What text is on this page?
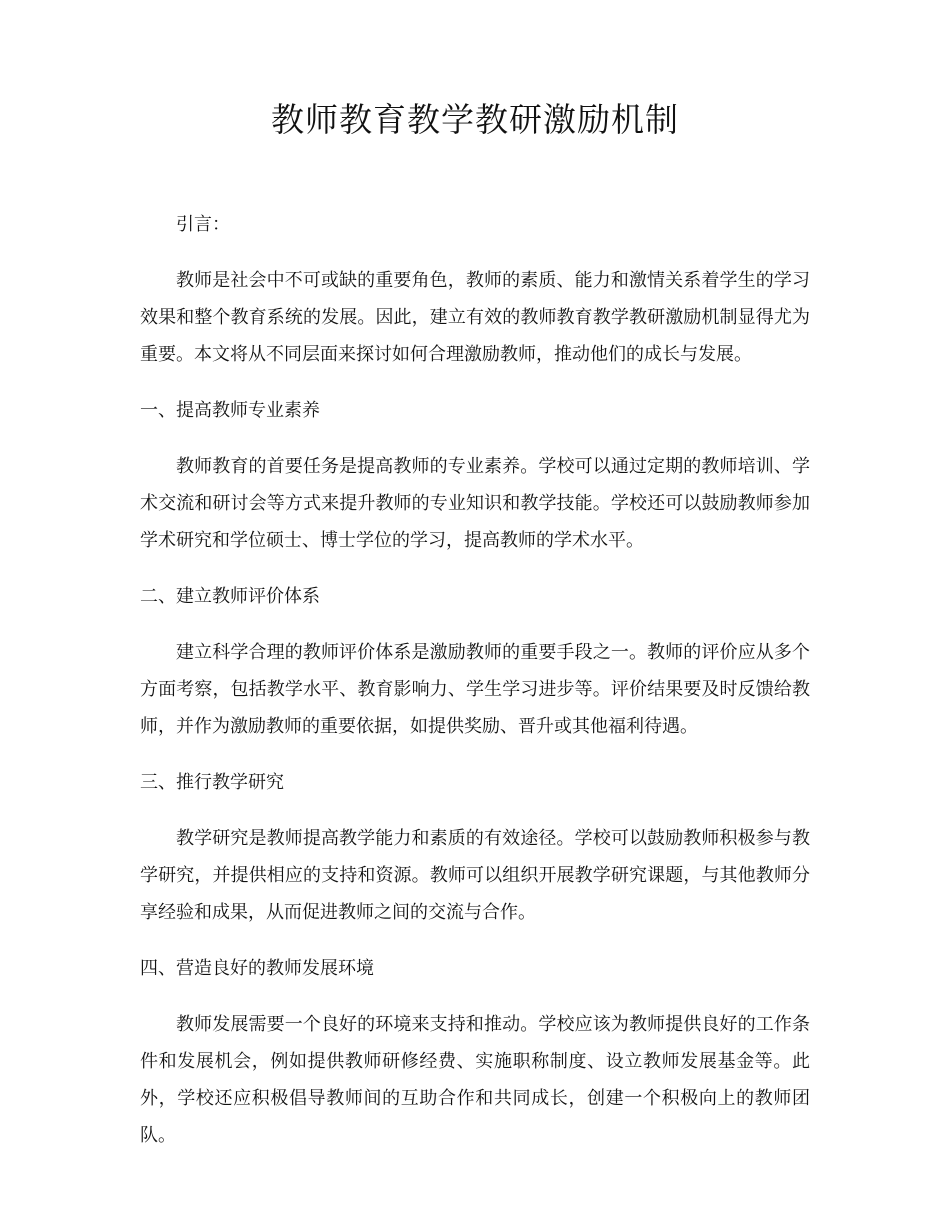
教师教育教学教研激励机制

引言：

教师是社会中不可或缺的重要角色，教师的素质、能力和激情关系着学生的学习效果和整个教育系统的发展。因此，建立有效的教师教育教学教研激励机制显得尤为重要。本文将从不同层面来探讨如何合理激励教师，推动他们的成长与发展。

一、提高教师专业素养

教师教育的首要任务是提高教师的专业素养。学校可以通过定期的教师培训、学术交流和研讨会等方式来提升教师的专业知识和教学技能。学校还可以鼓励教师参加学术研究和学位硕士、博士学位的学习，提高教师的学术水平。

二、建立教师评价体系

建立科学合理的教师评价体系是激励教师的重要手段之一。教师的评价应从多个方面考察，包括教学水平、教育影响力、学生学习进步等。评价结果要及时反馈给教师，并作为激励教师的重要依据，如提供奖励、晋升或其他福利待遇。

三、推行教学研究

教学研究是教师提高教学能力和素质的有效途径。学校可以鼓励教师积极参与教学研究，并提供相应的支持和资源。教师可以组织开展教学研究课题，与其他教师分享经验和成果，从而促进教师之间的交流与合作。

四、营造良好的教师发展环境

教师发展需要一个良好的环境来支持和推动。学校应该为教师提供良好的工作条件和发展机会，例如提供教师研修经费、实施职称制度、设立教师发展基金等。此外，学校还应积极倡导教师间的互助合作和共同成长，创建一个积极向上的教师团队。
